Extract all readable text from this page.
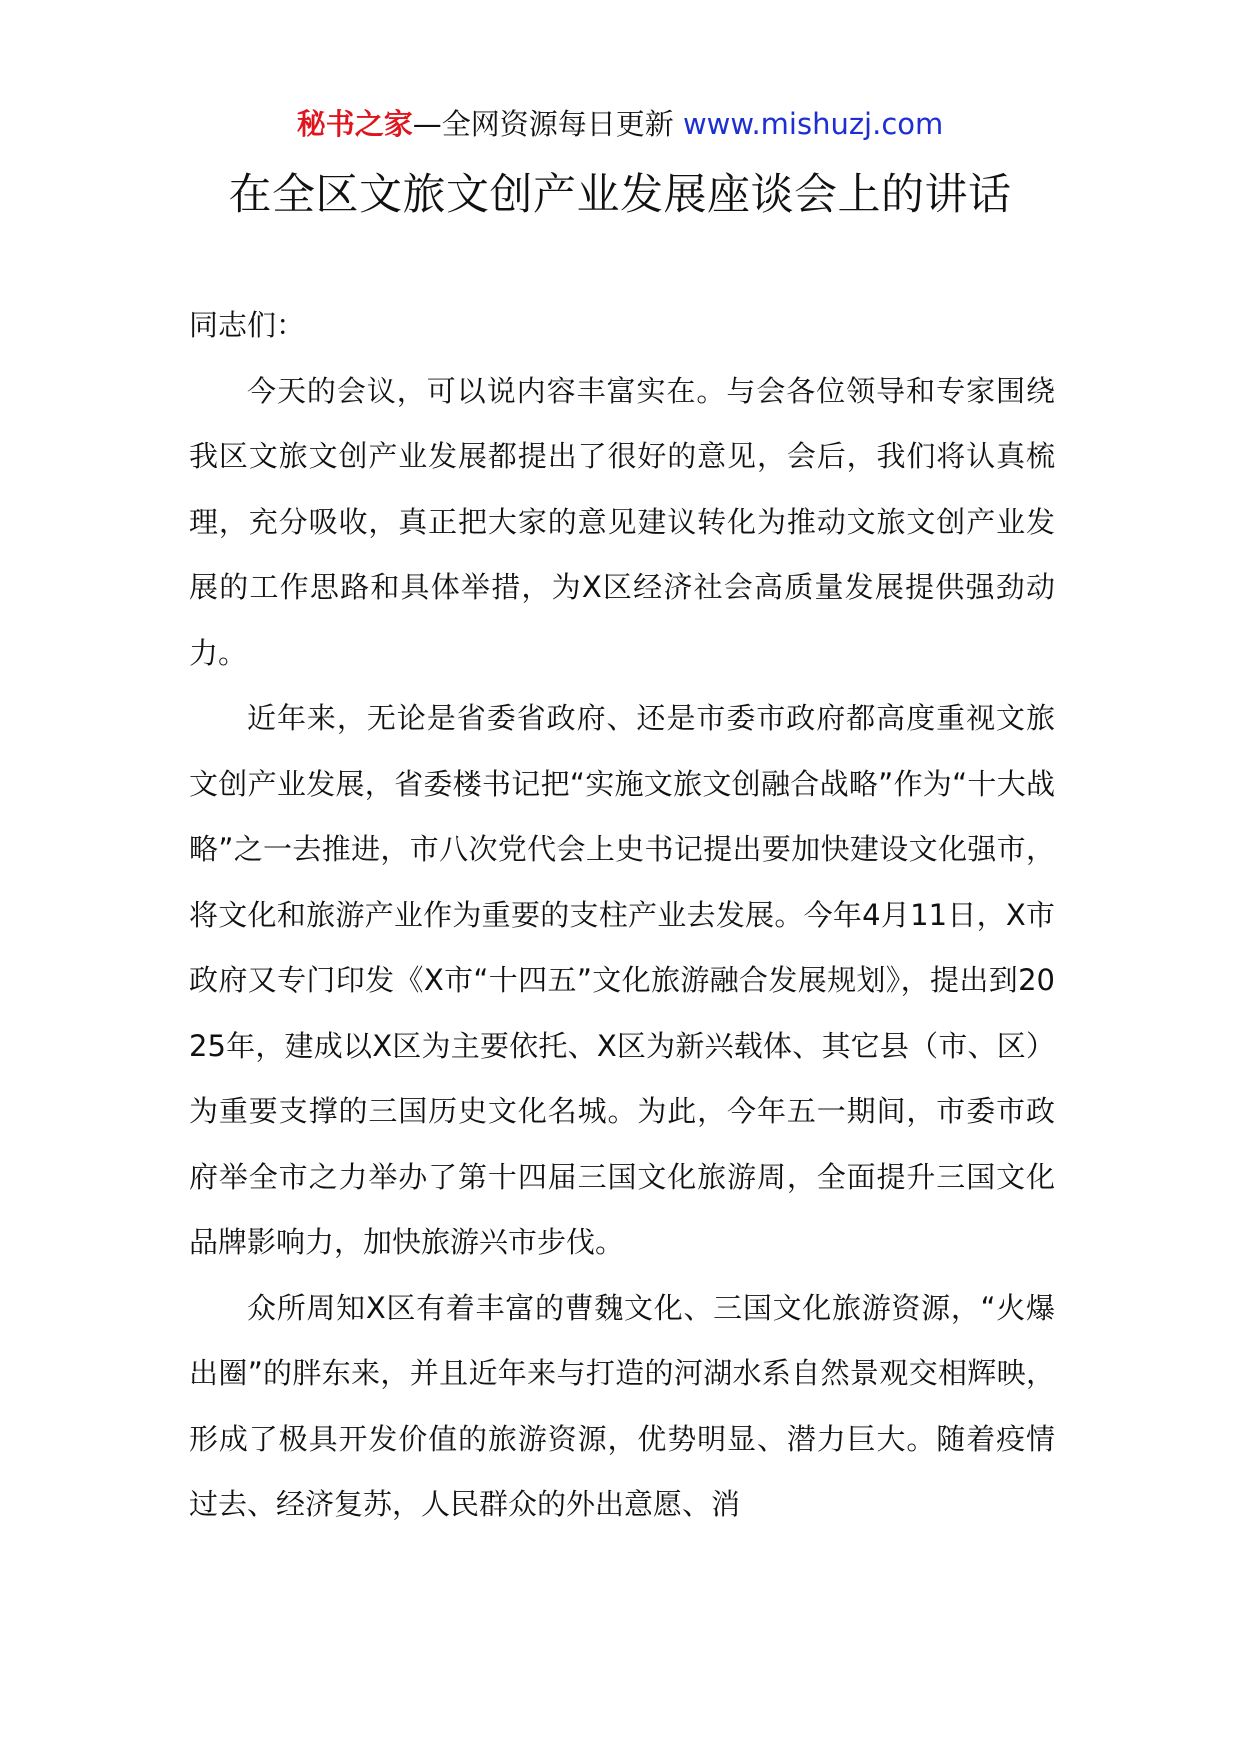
秘书之家—全网资源每日更新 www.mishuzj.com
在全区文旅文创产业发展座谈会上的讲话

同志们：

今天的会议，可以说内容丰富实在。与会各位领导和专家围绕我区文旅文创产业发展都提出了很好的意见，会后，我们将认真梳理，充分吸收，真正把大家的意见建议转化为推动文旅文创产业发展的工作思路和具体举措，为X区经济社会高质量发展提供强劲动力。

近年来，无论是省委省政府、还是市委市政府都高度重视文旅文创产业发展，省委楼书记把“实施文旅文创融合战略”作为“十大战略”之一去推进，市八次党代会上史书记提出要加快建设文化强市，将文化和旅游产业作为重要的支柱产业去发展。今年4月11日，X市政府又专门印发《X市“十四五”文化旅游融合发展规划》，提出到2025年，建成以X区为主要依托、X区为新兴载体、其它县（市、区）为重要支撑的三国历史文化名城。为此，今年五一期间，市委市政府举全市之力举办了第十四届三国文化旅游周，全面提升三国文化品牌影响力，加快旅游兴市步伐。

众所周知X区有着丰富的曹魏文化、三国文化旅游资源，“火爆出圈”的胖东来，并且近年来与打造的河湖水系自然景观交相辉映，形成了极具开发价值的旅游资源，优势明显、潜力巨大。随着疫情过去、经济复苏，人民群众的外出意愿、消
